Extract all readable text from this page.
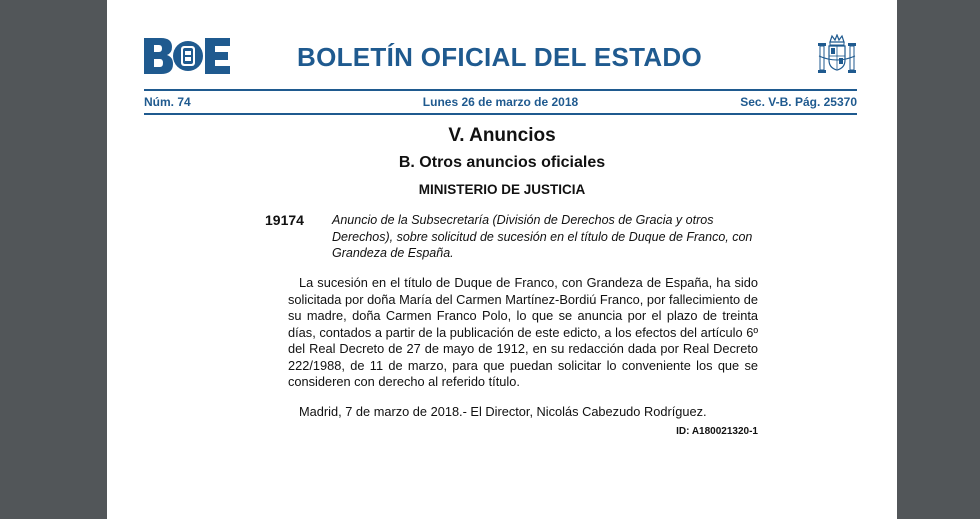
BOLETÍN OFICIAL DEL ESTADO
Núm. 74	Lunes 26 de marzo de 2018	Sec. V-B. Pág. 25370
V. Anuncios
B. Otros anuncios oficiales
MINISTERIO DE JUSTICIA
19174 Anuncio de la Subsecretaría (División de Derechos de Gracia y otros Derechos), sobre solicitud de sucesión en el título de Duque de Franco, con Grandeza de España.
La sucesión en el título de Duque de Franco, con Grandeza de España, ha sido solicitada por doña María del Carmen Martínez-Bordiú Franco, por fallecimiento de su madre, doña Carmen Franco Polo, lo que se anuncia por el plazo de treinta días, contados a partir de la publicación de este edicto, a los efectos del artículo 6º del Real Decreto de 27 de mayo de 1912, en su redacción dada por Real Decreto 222/1988, de 11 de marzo, para que puedan solicitar lo conveniente los que se consideren con derecho al referido título.
Madrid, 7 de marzo de 2018.- El Director, Nicolás Cabezudo Rodríguez.
ID: A180021320-1
